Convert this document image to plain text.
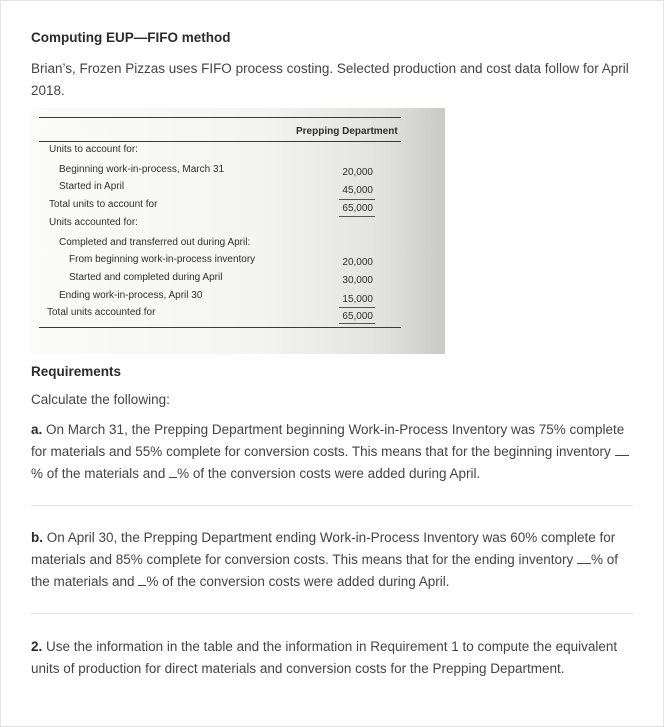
Computing EUP—FIFO method
Brian’s, Frozen Pizzas uses FIFO process costing. Selected production and cost data follow for April 2018.
Prepping Department
Units to account for:
Beginning work-in-process, March 31	20,000
Started in April	45,000
Total units to account for	65,000
Units accounted for:
Completed and transferred out during April:
From beginning work-in-process inventory	20,000
Started and completed during April	30,000
Ending work-in-process, April 30	15,000
Total units accounted for	65,000
Requirements
Calculate the following:
a. On March 31, the Prepping Department beginning Work-in-Process Inventory was 75% complete for materials and 55% complete for conversion costs. This means that for the beginning inventory % of the materials and % of the conversion costs were added during April.
b. On April 30, the Prepping Department ending Work-in-Process Inventory was 60% complete for materials and 85% complete for conversion costs. This means that for the ending inventory % of the materials and % of the conversion costs were added during April.
2. Use the information in the table and the information in Requirement 1 to compute the equivalent units of production for direct materials and conversion costs for the Prepping Department.
